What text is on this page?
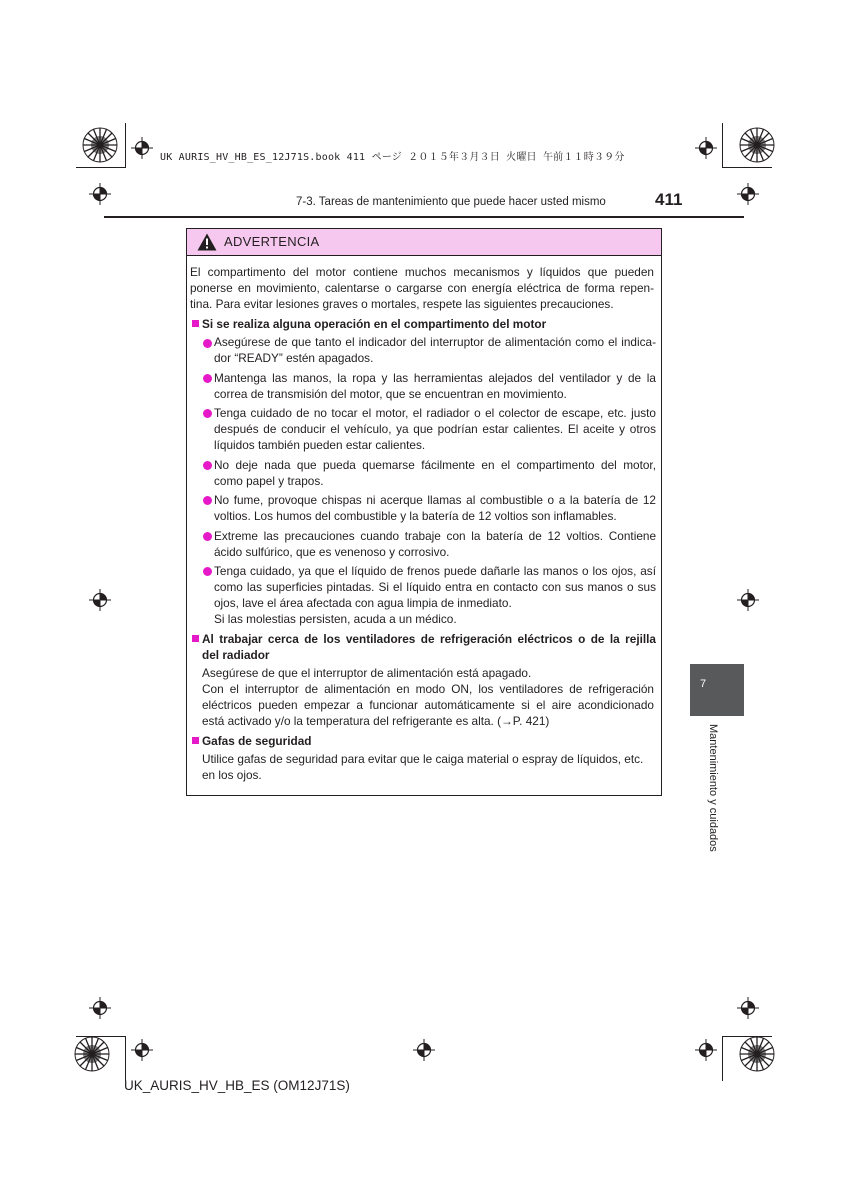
UK AURIS_HV_HB_ES_12J71S.book 411 ページ ２０１５年３月３日 火曜日 午前１１時３９分
7-3. Tareas de mantenimiento que puede hacer usted mismo	411
ADVERTENCIA
El compartimento del motor contiene muchos mecanismos y líquidos que pueden
ponerse en movimiento, calentarse o cargarse con energía eléctrica de forma repen-
tina. Para evitar lesiones graves o mortales, respete las siguientes precauciones.
Si se realiza alguna operación en el compartimento del motor
Asegúrese de que tanto el indicador del interruptor de alimentación como el indica-
dor “READY” estén apagados.
Mantenga las manos, la ropa y las herramientas alejados del ventilador y de la
correa de transmisión del motor, que se encuentran en movimiento.
Tenga cuidado de no tocar el motor, el radiador o el colector de escape, etc. justo
después de conducir el vehículo, ya que podrían estar calientes. El aceite y otros
líquidos también pueden estar calientes.
No deje nada que pueda quemarse fácilmente en el compartimento del motor,
como papel y trapos.
No fume, provoque chispas ni acerque llamas al combustible o a la batería de 12
voltios. Los humos del combustible y la batería de 12 voltios son inflamables.
Extreme las precauciones cuando trabaje con la batería de 12 voltios. Contiene
ácido sulfúrico, que es venenoso y corrosivo.
Tenga cuidado, ya que el líquido de frenos puede dañarle las manos o los ojos, así
como las superficies pintadas. Si el líquido entra en contacto con sus manos o sus
ojos, lave el área afectada con agua limpia de inmediato.
Si las molestias persisten, acuda a un médico.
Al trabajar cerca de los ventiladores de refrigeración eléctricos o de la rejilla
del radiador
Asegúrese de que el interruptor de alimentación está apagado.
Con el interruptor de alimentación en modo ON, los ventiladores de refrigeración
eléctricos pueden empezar a funcionar automáticamente si el aire acondicionado
está activado y/o la temperatura del refrigerante es alta. (→P. 421)
Gafas de seguridad
Utilice gafas de seguridad para evitar que le caiga material o espray de líquidos, etc.
en los ojos.
7
Mantenimiento y cuidados
UK_AURIS_HV_HB_ES (OM12J71S)
